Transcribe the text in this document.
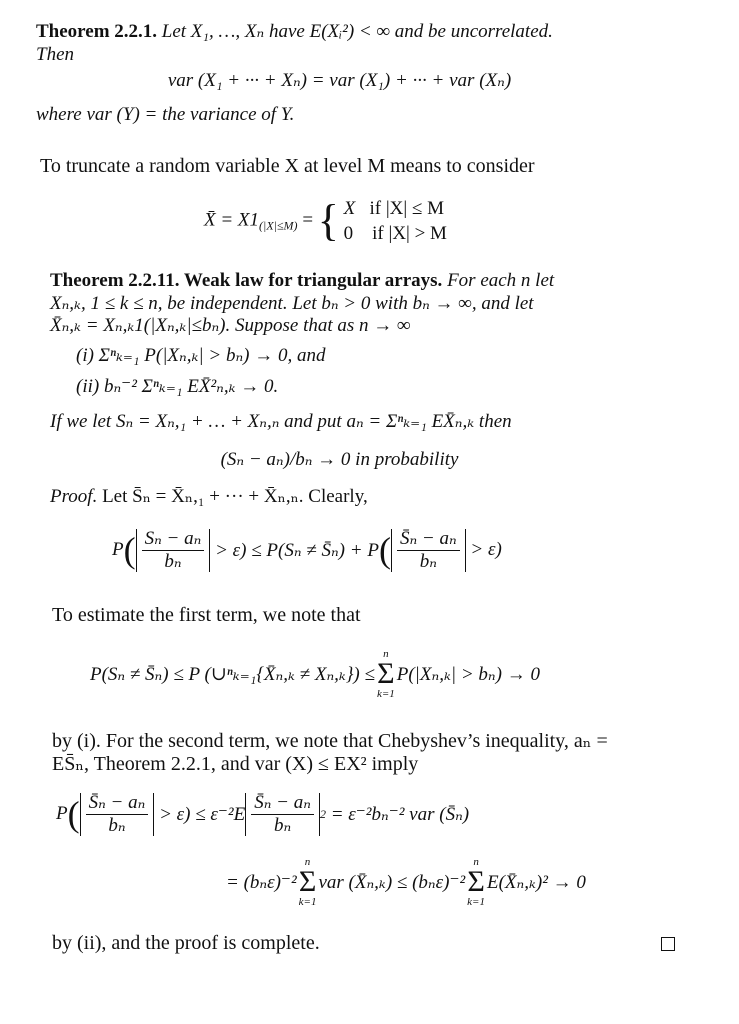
Theorem 2.2.1. Let X₁, …, Xₙ have E(Xᵢ²) < ∞ and be uncorrelated.
Then
var (X₁ + ··· + Xₙ) = var (X₁) + ··· + var (Xₙ)
where var (Y) = the variance of Y.
To truncate a random variable X at level M means to consider
X̄ = $X1_{(|X|\le M)}$ = { X if |X| ≤ M
0 if |X| > M
Theorem 2.2.11. Weak law for triangular arrays. For each n let
Xₙ,ₖ, 1 ≤ k ≤ n, be independent. Let bₙ > 0 with bₙ → ∞, and let
X̄ₙ,ₖ = Xₙ,ₖ1(|Xₙ,ₖ|≤bₙ). Suppose that as n → ∞
(i) Σⁿₖ₌₁ P(|Xₙ,ₖ| > bₙ) → 0, and
(ii) bₙ⁻² Σⁿₖ₌₁ EX̄²ₙ,ₖ → 0.
If we let Sₙ = Xₙ,₁ + … + Xₙ,ₙ and put aₙ = Σⁿₖ₌₁ EX̄ₙ,ₖ then
(Sₙ − aₙ)/bₙ → 0 in probability
Proof. Let S̄ₙ = X̄ₙ,₁ + ··· + X̄ₙ,ₙ. Clearly,
P ( $\frac{\text{Sₙ − aₙ}}{\text{bₙ}}$
> ε) ≤ P(Sₙ ≠ S̄ₙ) + P ( $\frac{\text{S̄ₙ − aₙ}}{\text{bₙ}}$
> ε)
To estimate the first term, we note that
P(Sₙ ≠ S̄ₙ) ≤ P (∪ⁿₖ₌₁{X̄ₙ,ₖ ≠ Xₙ,ₖ}) ≤
n
Σ
k=1
P(|Xₙ,ₖ| > bₙ) → 0
by (i). For the second term, we note that Chebyshev’s inequality, aₙ =
ES̄ₙ, Theorem 2.2.1, and var (X) ≤ EX² imply
P ( $\frac{\text{S̄ₙ − aₙ}}{\text{bₙ}}$
> $\varepsilon) \le \varepsilon^{-2}E \frac{\text{S̄ₙ − aₙ}}{\text{bₙ}} 2$
= ε⁻²bₙ⁻² var (S̄ₙ)
= (bₙε)⁻²
n
Σ
k=1
var (X̄ₙ,ₖ) ≤ (bₙε)⁻²
n
Σ
k=1
E(X̄ₙ,ₖ)² → 0
by (ii), and the proof is complete.
